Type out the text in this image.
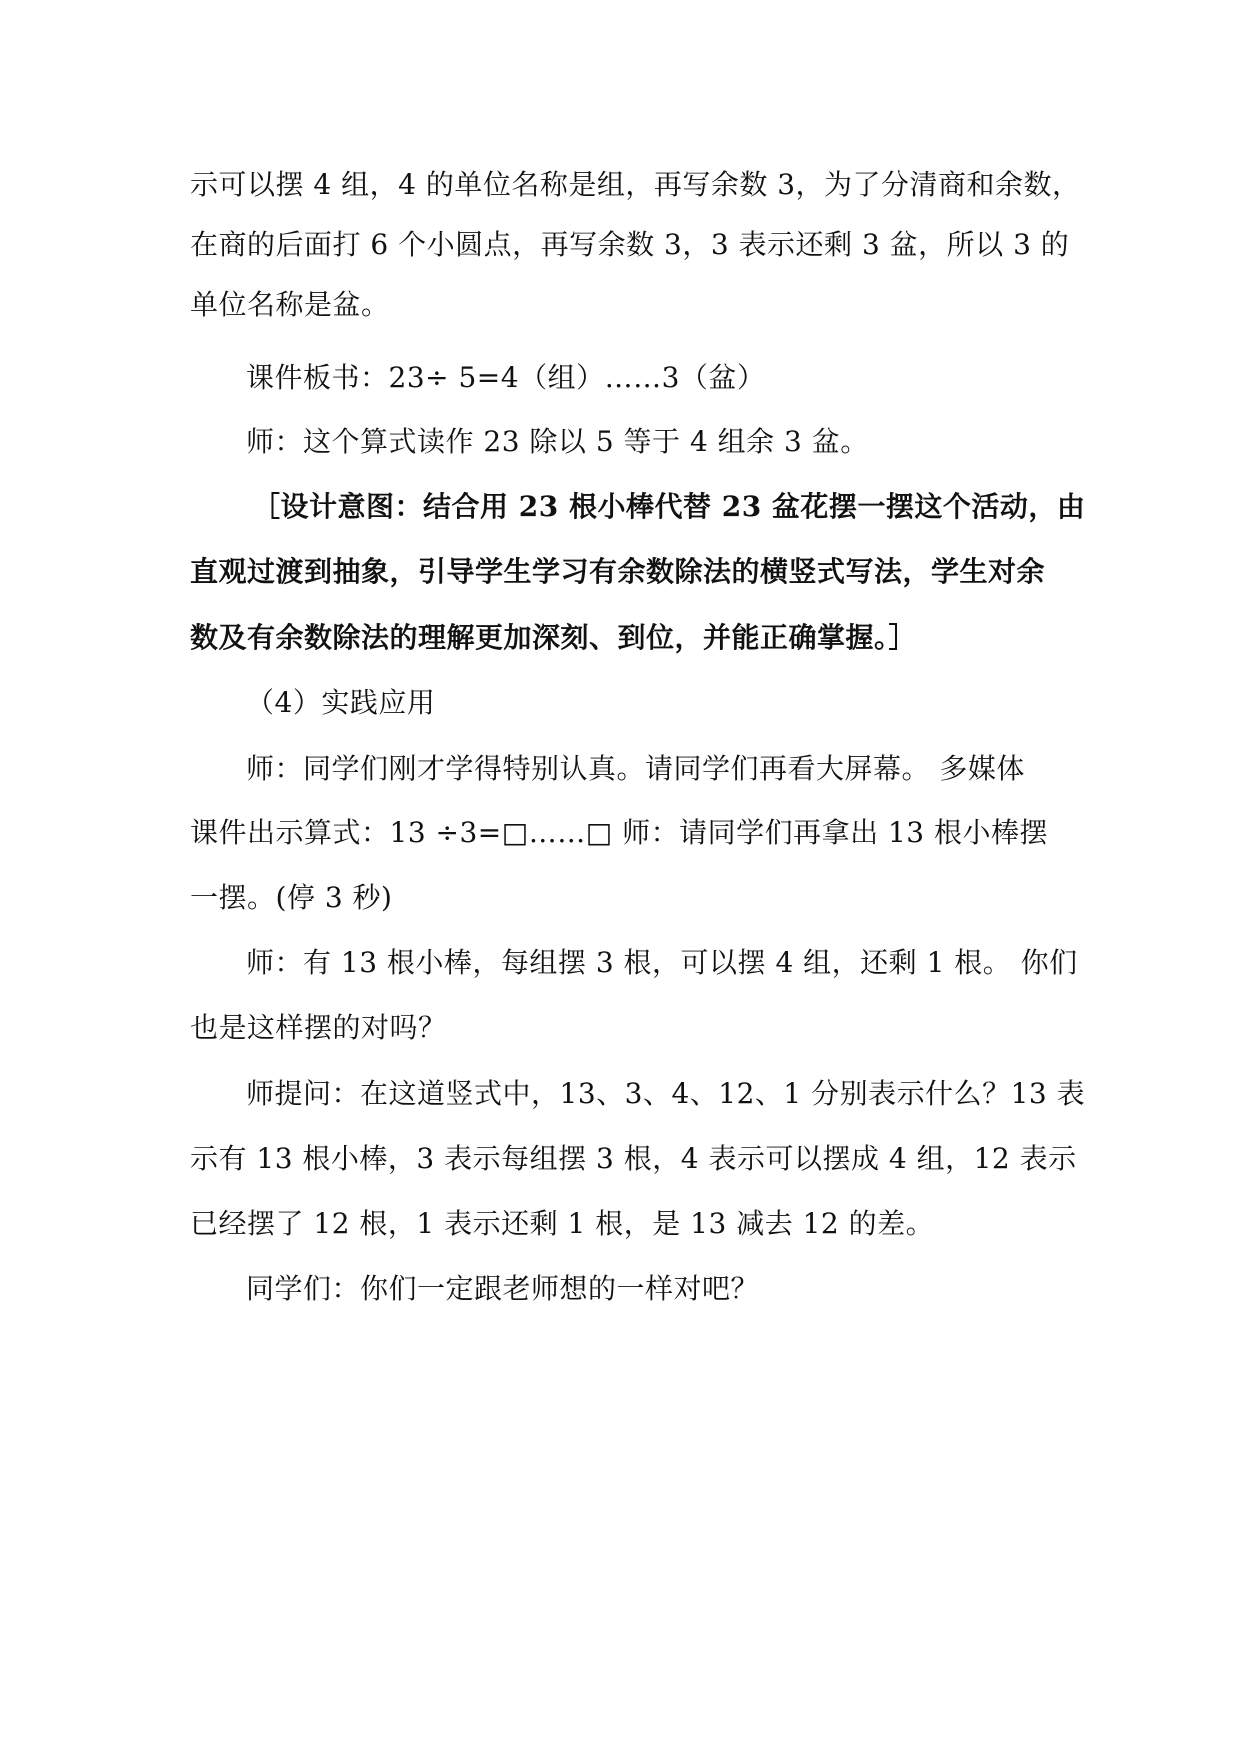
示可以摆 4 组，4 的单位名称是组，再写余数 3，为了分清商和余数，
在商的后面打 6 个小圆点，再写余数 3，3 表示还剩 3 盆，所以 3 的
单位名称是盆。
课件板书：23÷ 5=4（组）……3（盆）
师：这个算式读作 23 除以 5 等于 4 组余 3 盆。
［设计意图：结合用 23 根小棒代替 23 盆花摆一摆这个活动，由
直观过渡到抽象，引导学生学习有余数除法的横竖式写法，学生对余
数及有余数除法的理解更加深刻、到位，并能正确掌握。］
（4）实践应用
师：同学们刚才学得特别认真。请同学们再看大屏幕。 多媒体
课件出示算式：13 ÷3=□……□ 师：请同学们再拿出 13 根小棒摆
一摆。(停 3 秒)
师：有 13 根小棒，每组摆 3 根，可以摆 4 组，还剩 1 根。 你们
也是这样摆的对吗？
师提问：在这道竖式中，13、3、4、12、1 分别表示什么？13 表
示有 13 根小棒，3 表示每组摆 3 根，4 表示可以摆成 4 组，12 表示
已经摆了 12 根，1 表示还剩 1 根，是 13 减去 12 的差。
同学们：你们一定跟老师想的一样对吧？
